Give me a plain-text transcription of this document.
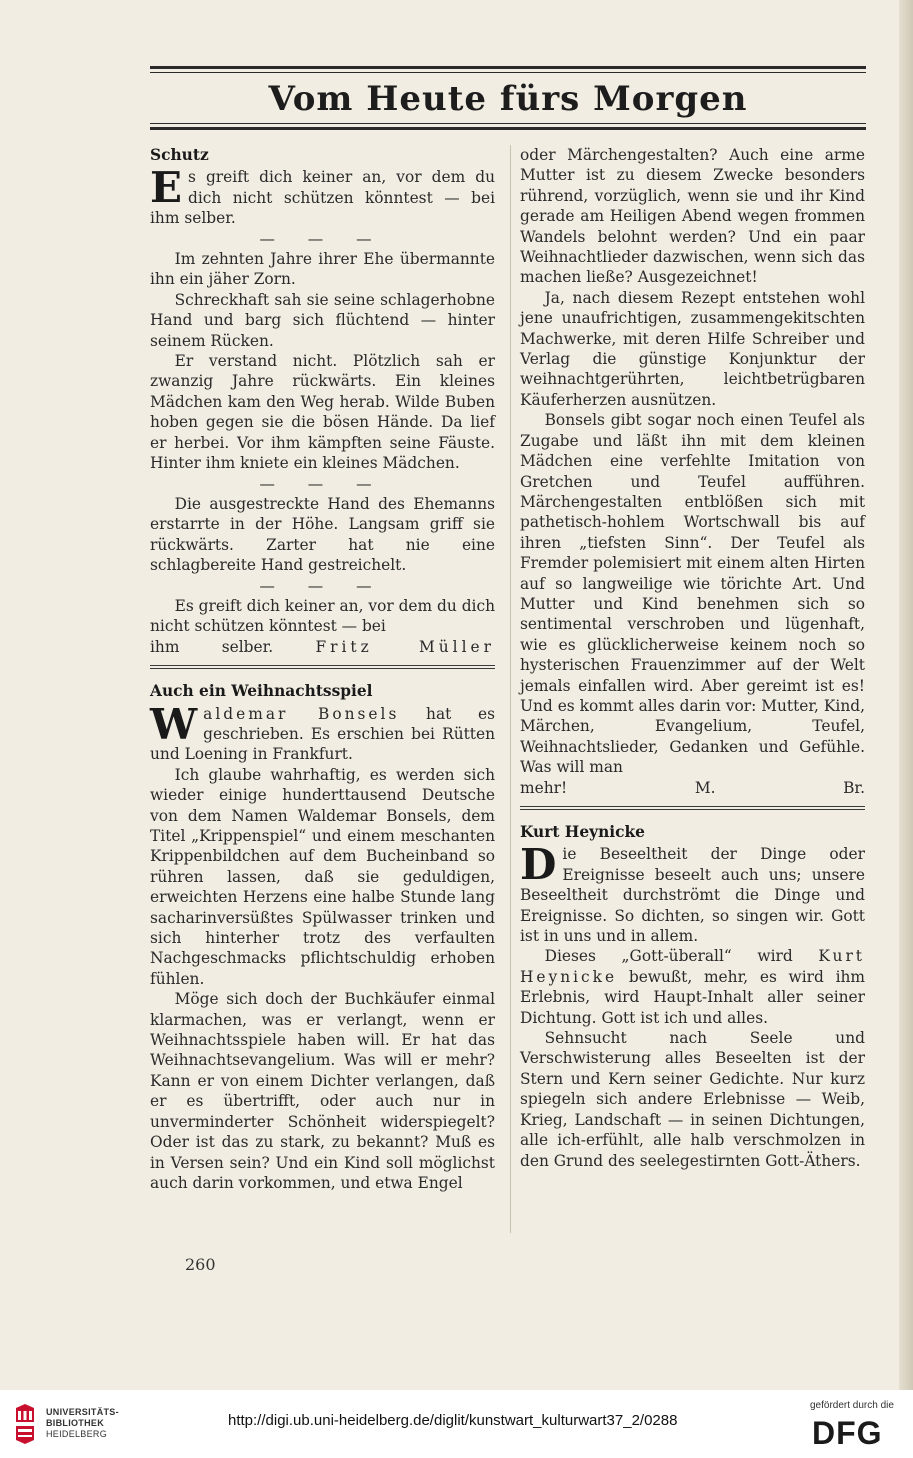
Vom Heute fürs Morgen
Schutz

Es greift dich keiner an, vor dem du dich nicht schützen könntest — bei ihm selber.

— — —

Im zehnten Jahre ihrer Ehe übermannte ihn ein jäher Zorn.

Schreckhaft sah sie seine schlagerhobne Hand und barg sich flüchtend — hinter seinem Rücken.

Er verstand nicht. Plötzlich sah er zwanzig Jahre rückwärts. Ein kleines Mädchen kam den Weg herab. Wilde Buben hoben gegen sie die bösen Hände. Da lief er herbei. Vor ihm kämpften seine Fäuste. Hinter ihm kniete ein kleines Mädchen.

— — —

Die ausgestreckte Hand des Ehemanns erstarrte in der Höhe. Langsam griff sie rückwärts. Zarter hat nie eine schlagbereite Hand gestreichelt.

— — —

Es greift dich keiner an, vor dem du dich nicht schützen könntest — bei

ihm selber.	Fritz Müller

Auch ein Weihnachtsspiel

Waldemar Bonsels hat es geschrieben. Es erschien bei Rütten und Loening in Frankfurt.

Ich glaube wahrhaftig, es werden sich wieder einige hunderttausend Deutsche von dem Namen Waldemar Bonsels, dem Titel „Krippenspiel“ und einem meschanten Krippenbildchen auf dem Bucheinband so rühren lassen, daß sie geduldigen, erweichten Herzens eine halbe Stunde lang sacharinversüßtes Spülwasser trinken und sich hinterher trotz des verfaulten Nachgeschmacks pflichtschuldig erhoben fühlen.

Möge sich doch der Buchkäufer einmal klarmachen, was er verlangt, wenn er Weihnachtsspiele haben will. Er hat das Weihnachtsevangelium. Was will er mehr? Kann er von einem Dichter verlangen, daß er es übertrifft, oder auch nur in unverminderter Schönheit widerspiegelt? Oder ist das zu stark, zu bekannt? Muß es in Versen sein? Und ein Kind soll möglichst auch darin vorkommen, und etwa Engel

oder Märchengestalten? Auch eine arme Mutter ist zu diesem Zwecke besonders rührend, vorzüglich, wenn sie und ihr Kind gerade am Heiligen Abend wegen frommen Wandels belohnt werden? Und ein paar Weihnachtlieder dazwischen, wenn sich das machen ließe? Ausgezeichnet!

Ja, nach diesem Rezept entstehen wohl jene unaufrichtigen, zusammengekitschten Machwerke, mit deren Hilfe Schreiber und Verlag die günstige Konjunktur der weihnachtgerührten, leichtbetrügbaren Käuferherzen ausnützen.

Bonsels gibt sogar noch einen Teufel als Zugabe und läßt ihn mit dem kleinen Mädchen eine verfehlte Imitation von Gretchen und Teufel aufführen. Märchengestalten entblößen sich mit pathetisch-hohlem Wortschwall bis auf ihren „tiefsten Sinn“. Der Teufel als Fremder polemisiert mit einem alten Hirten auf so langweilige wie törichte Art. Und Mutter und Kind benehmen sich so sentimental verschroben und lügenhaft, wie es glücklicherweise keinem noch so hysterischen Frauenzimmer auf der Welt jemals einfallen wird. Aber gereimt ist es! Und es kommt alles darin vor: Mutter, Kind, Märchen, Evangelium, Teufel, Weihnachtslieder, Gedanken und Gefühle. Was will man

mehr!	M. Br.

Kurt Heynicke

Die Beseeltheit der Dinge oder Ereignisse beseelt auch uns; unsere Beseeltheit durchströmt die Dinge und Ereignisse. So dichten, so singen wir. Gott ist in uns und in allem.

Dieses „Gott-überall“ wird Kurt Heynicke bewußt, mehr, es wird ihm Erlebnis, wird Haupt-Inhalt aller seiner Dichtung. Gott ist ich und alles.

Sehnsucht nach Seele und Verschwisterung alles Beseelten ist der Stern und Kern seiner Gedichte. Nur kurz spiegeln sich andere Erlebnisse — Weib, Krieg, Landschaft — in seinen Dichtungen, alle ich-erfühlt, alle halb verschmolzen in den Grund des seelegestirnten Gott-Äthers.

260
UNIVERSITÄTS-
BIBLIOTHEK
HEIDELBERG
http://digi.ub.uni-heidelberg.de/diglit/kunstwart_kulturwart37_2/0288
gefördert durch die
DFG
